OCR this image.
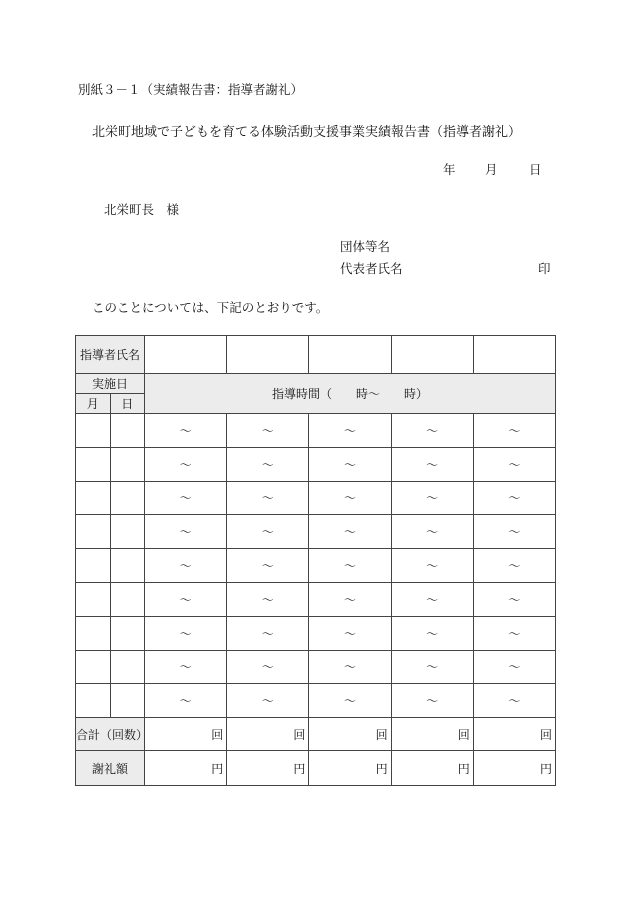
別紙３－１（実績報告書：指導者謝礼）
北栄町地域で子どもを育てる体験活動支援事業実績報告書（指導者謝礼）
年 月	日
北栄町長　様
団体等名
代表者氏名	印
このことについては、下記のとおりです。
指導者氏名						
実施日		指導時間（　　時～　　時）				
月	日					
		～	～	～	～	～
		～	～	～	～	～
		～	～	～	～	～
		～	～	～	～	～
		～	～	～	～	～
		～	～	～	～	～
		～	～	～	～	～
		～	～	～	～	～
		～	～	～	～	～
合計（回数）		回	回	回	回	回
謝礼額		円	円	円	円	円
